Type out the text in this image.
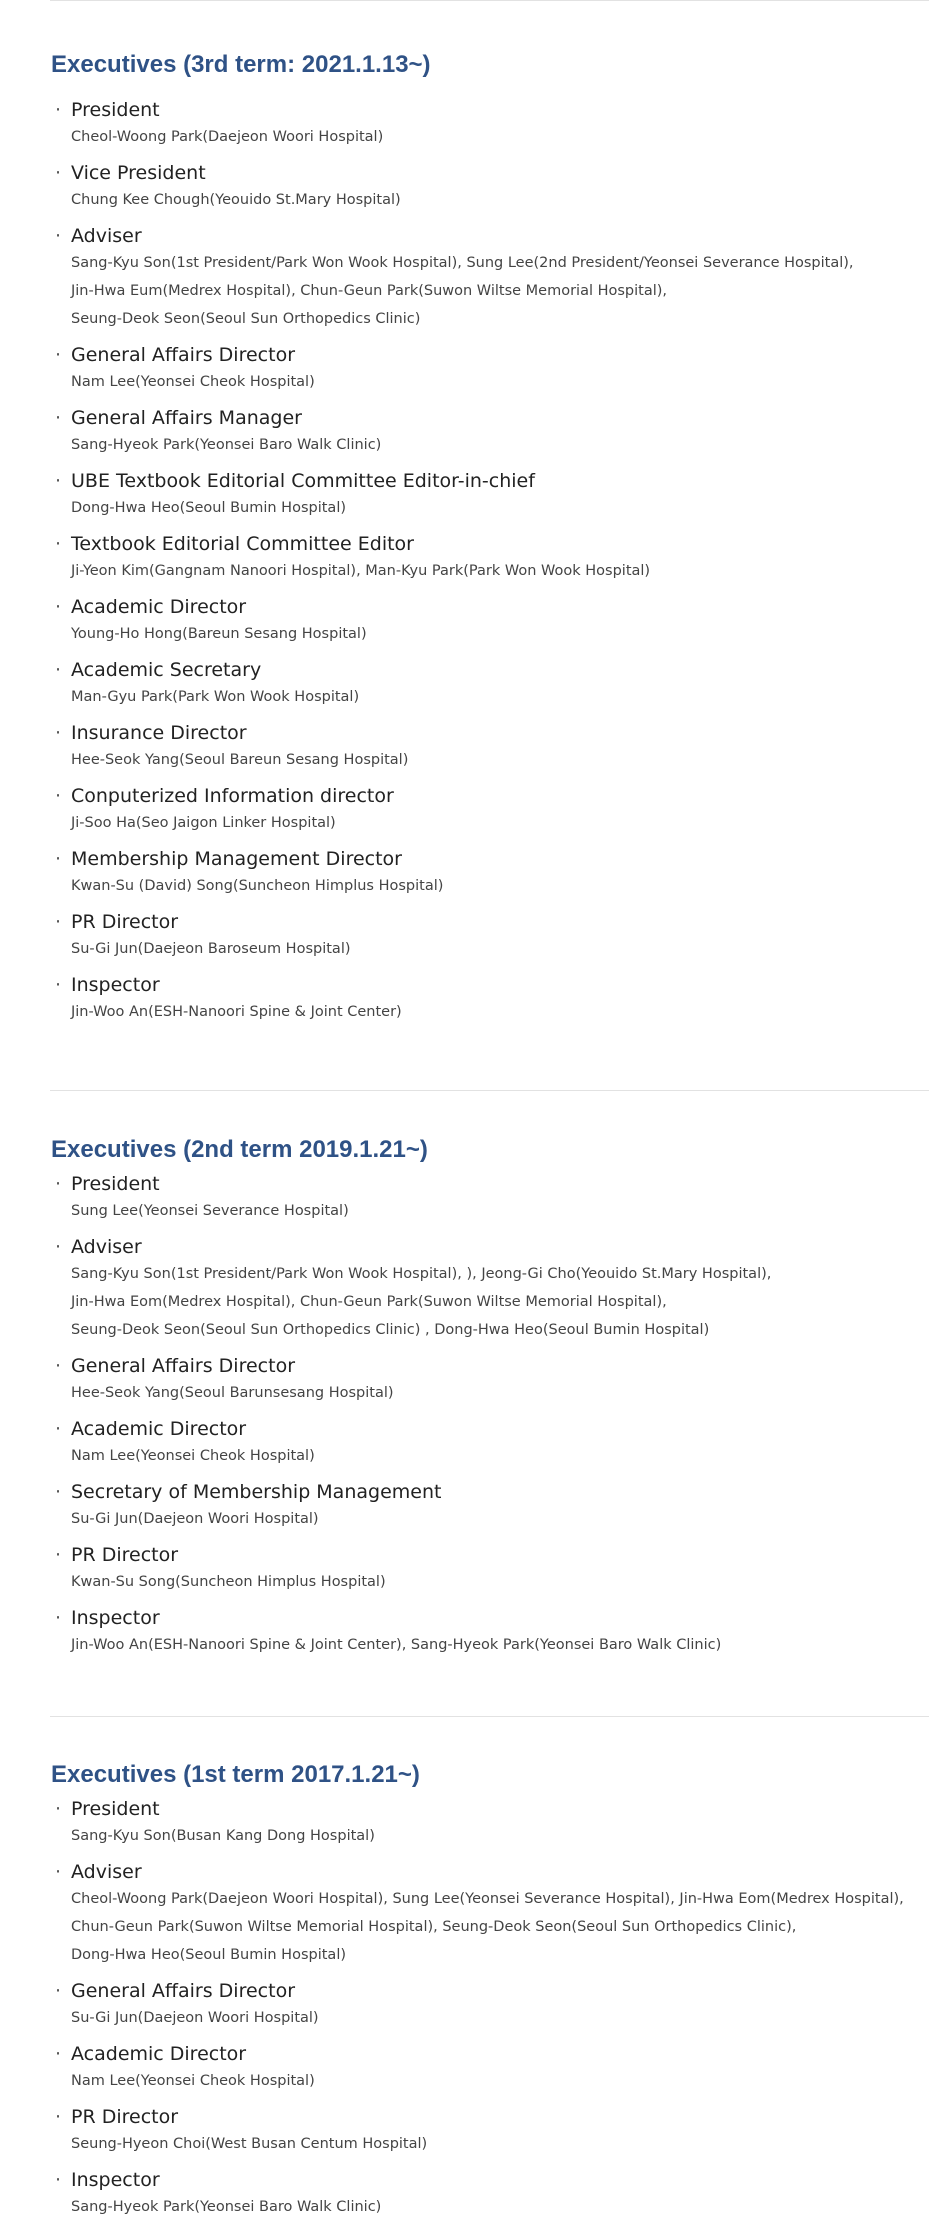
Executives (3rd term: 2021.1.13~)
· President
Cheol-Woong Park(Daejeon Woori Hospital)
· Vice President
Chung Kee Chough(Yeouido St.Mary Hospital)
· Adviser
Sang-Kyu Son(1st President/Park Won Wook Hospital), Sung Lee(2nd President/Yeonsei Severance Hospital),
Jin-Hwa Eum(Medrex Hospital), Chun-Geun Park(Suwon Wiltse Memorial Hospital),
Seung-Deok Seon(Seoul Sun Orthopedics Clinic)
· General Affairs Director
Nam Lee(Yeonsei Cheok Hospital)
· General Affairs Manager
Sang-Hyeok Park(Yeonsei Baro Walk Clinic)
· UBE Textbook Editorial Committee Editor-in-chief
Dong-Hwa Heo(Seoul Bumin Hospital)
· Textbook Editorial Committee Editor
Ji-Yeon Kim(Gangnam Nanoori Hospital), Man-Kyu Park(Park Won Wook Hospital)
· Academic Director
Young-Ho Hong(Bareun Sesang Hospital)
· Academic Secretary
Man-Gyu Park(Park Won Wook Hospital)
· Insurance Director
Hee-Seok Yang(Seoul Bareun Sesang Hospital)
· Conputerized Information director
Ji-Soo Ha(Seo Jaigon Linker Hospital)
· Membership Management Director
Kwan-Su (David) Song(Suncheon Himplus Hospital)
· PR Director
Su-Gi Jun(Daejeon Baroseum Hospital)
· Inspector
Jin-Woo An(ESH-Nanoori Spine & Joint Center)
Executives (2nd term 2019.1.21~)
· President
Sung Lee(Yeonsei Severance Hospital)
· Adviser
Sang-Kyu Son(1st President/Park Won Wook Hospital), ), Jeong-Gi Cho(Yeouido St.Mary Hospital),
Jin-Hwa Eom(Medrex Hospital), Chun-Geun Park(Suwon Wiltse Memorial Hospital),
Seung-Deok Seon(Seoul Sun Orthopedics Clinic) , Dong-Hwa Heo(Seoul Bumin Hospital)
· General Affairs Director
Hee-Seok Yang(Seoul Barunsesang Hospital)
· Academic Director
Nam Lee(Yeonsei Cheok Hospital)
· Secretary of Membership Management
Su-Gi Jun(Daejeon Woori Hospital)
· PR Director
Kwan-Su Song(Suncheon Himplus Hospital)
· Inspector
Jin-Woo An(ESH-Nanoori Spine & Joint Center), Sang-Hyeok Park(Yeonsei Baro Walk Clinic)
Executives (1st term 2017.1.21~)
· President
Sang-Kyu Son(Busan Kang Dong Hospital)
· Adviser
Cheol-Woong Park(Daejeon Woori Hospital), Sung Lee(Yeonsei Severance Hospital), Jin-Hwa Eom(Medrex Hospital),
Chun-Geun Park(Suwon Wiltse Memorial Hospital), Seung-Deok Seon(Seoul Sun Orthopedics Clinic),
Dong-Hwa Heo(Seoul Bumin Hospital)
· General Affairs Director
Su-Gi Jun(Daejeon Woori Hospital)
· Academic Director
Nam Lee(Yeonsei Cheok Hospital)
· PR Director
Seung-Hyeon Choi(West Busan Centum Hospital)
· Inspector
Sang-Hyeok Park(Yeonsei Baro Walk Clinic)
